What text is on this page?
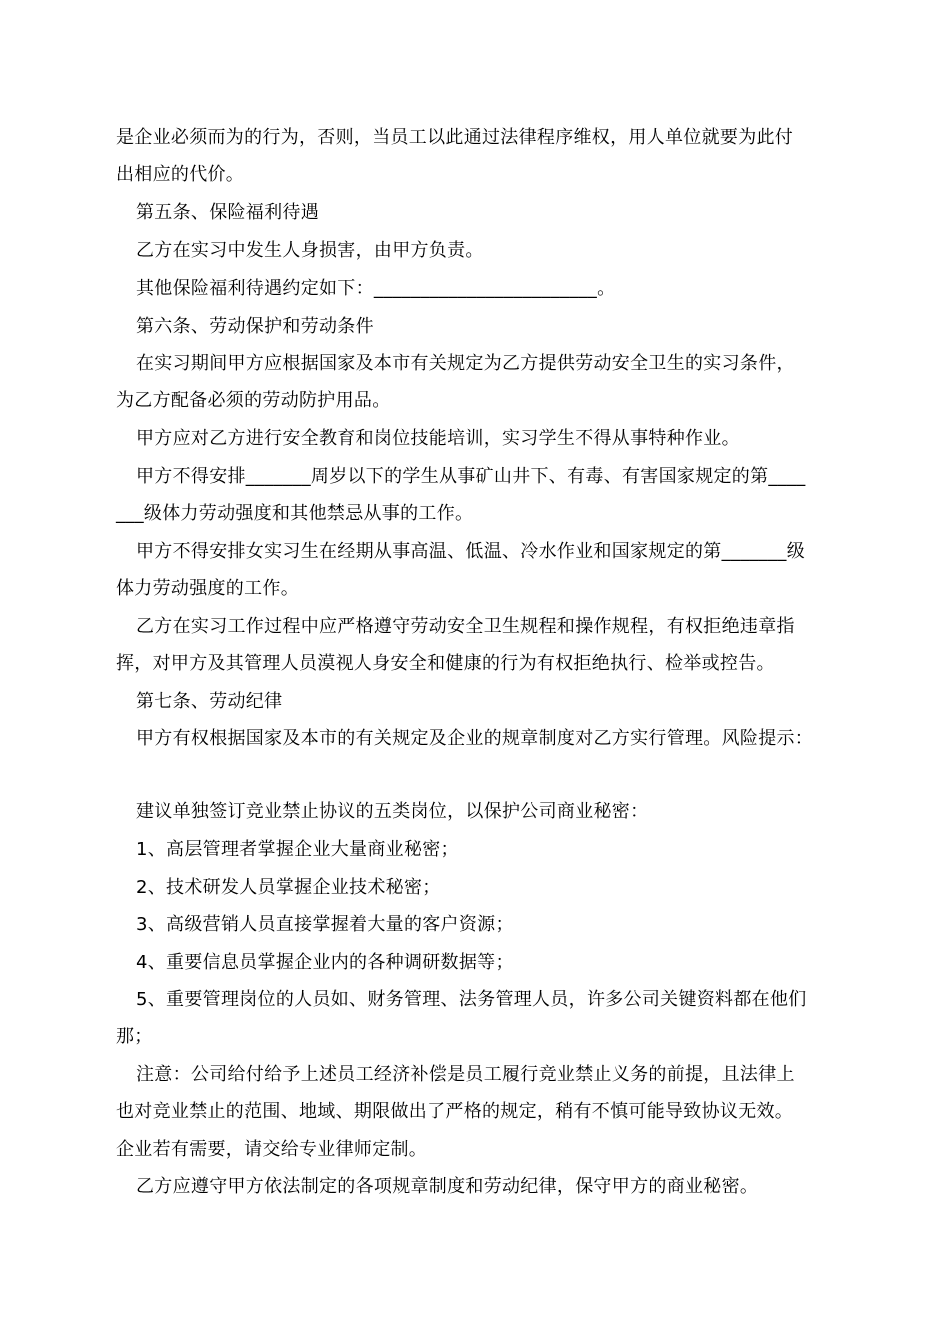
是企业必须而为的行为，否则，当员工以此通过法律程序维权，用人单位就要为此付
出相应的代价。
第五条、保险福利待遇
乙方在实习中发生人身损害，由甲方负责。
其他保险福利待遇约定如下：________________________。
第六条、劳动保护和劳动条件
在实习期间甲方应根据国家及本市有关规定为乙方提供劳动安全卫生的实习条件，
为乙方配备必须的劳动防护用品。
甲方应对乙方进行安全教育和岗位技能培训，实习学生不得从事特种作业。
甲方不得安排_______周岁以下的学生从事矿山井下、有毒、有害国家规定的第____
___级体力劳动强度和其他禁忌从事的工作。
甲方不得安排女实习生在经期从事高温、低温、冷水作业和国家规定的第_______级
体力劳动强度的工作。
乙方在实习工作过程中应严格遵守劳动安全卫生规程和操作规程，有权拒绝违章指
挥，对甲方及其管理人员漠视人身安全和健康的行为有权拒绝执行、检举或控告。
第七条、劳动纪律
甲方有权根据国家及本市的有关规定及企业的规章制度对乙方实行管理。风险提示：
建议单独签订竞业禁止协议的五类岗位，以保护公司商业秘密：
1、高层管理者掌握企业大量商业秘密；
2、技术研发人员掌握企业技术秘密；
3、高级营销人员直接掌握着大量的客户资源；
4、重要信息员掌握企业内的各种调研数据等；
5、重要管理岗位的人员如、财务管理、法务管理人员，许多公司关键资料都在他们
那；
注意：公司给付给予上述员工经济补偿是员工履行竞业禁止义务的前提，且法律上
也对竞业禁止的范围、地域、期限做出了严格的规定，稍有不慎可能导致协议无效。
企业若有需要，请交给专业律师定制。
乙方应遵守甲方依法制定的各项规章制度和劳动纪律，保守甲方的商业秘密。
